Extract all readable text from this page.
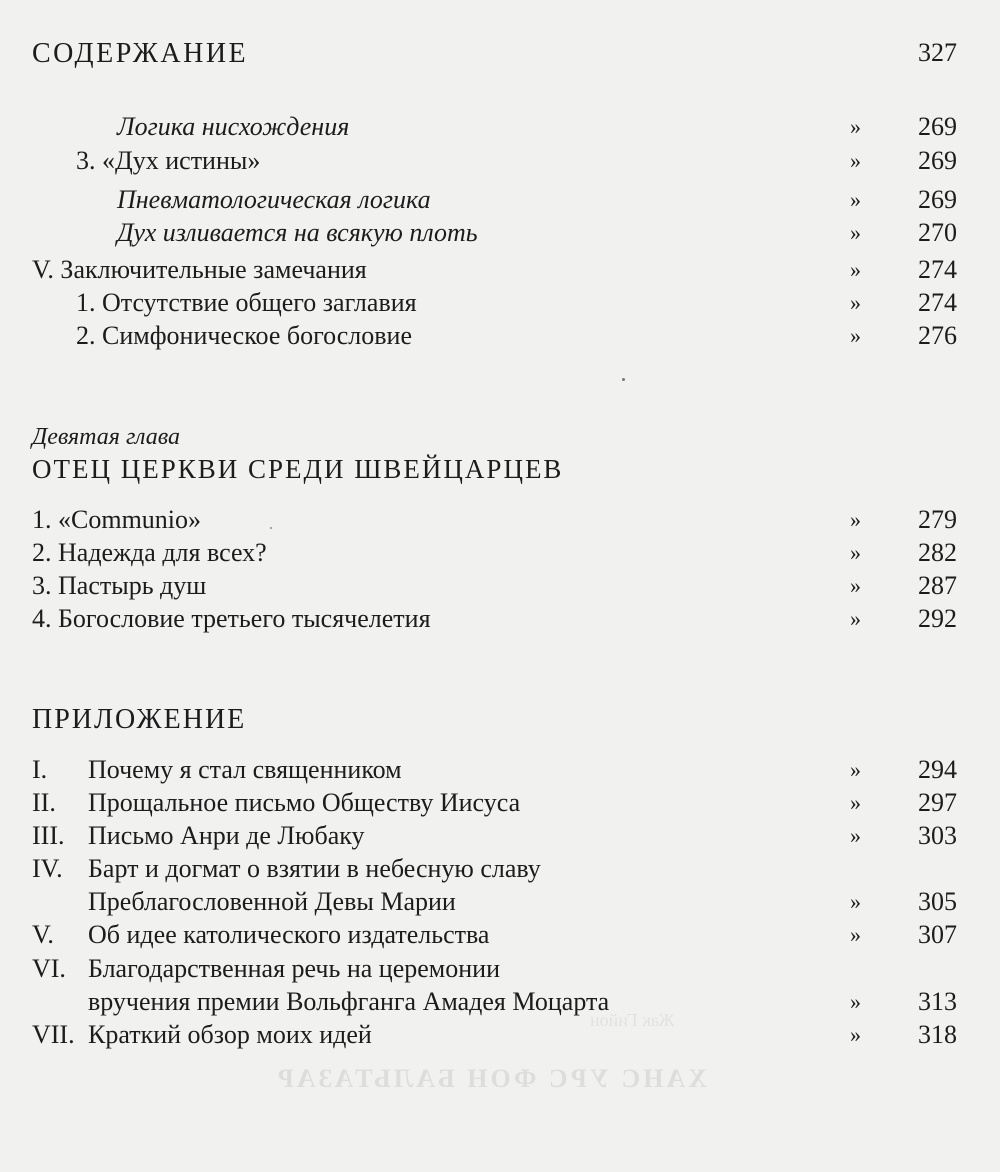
СОДЕРЖАНИЕ	327
Логика нисхождения	» 269
3. «Дух истины»	» 269
Пневматологическая логика	» 269
Дух изливается на всякую плоть	» 270
V. Заключительные замечания	» 274
1. Отсутствие общего заглавия	» 274
2. Симфоническое богословие	» 276
Девятая глава
ОТЕЦ ЦЕРКВИ СРЕДИ ШВЕЙЦАРЦЕВ
1. «Communio»	» 279
2. Надежда для всех?	» 282
3. Пастырь душ	» 287
4. Богословие третьего тысячелетия	» 292
ПРИЛОЖЕНИЕ
I. Почему я стал священником	» 294
II. Прощальное письмо Обществу Иисуса	» 297
III. Письмо Анри де Любаку	» 303
IV. Барт и догмат о взятии в небесную славу
Преблагословенной Девы Марии	» 305
V. Об идее католического издательства	» 307
VI. Благодарственная речь на церемонии
вручения премии Вольфганга Амадея Моцарта	» 313
VII. Краткий обзор моих идей	» 318
ХАНС УРС ФОН БАЛЬТАЗАР
Жак Гийон
